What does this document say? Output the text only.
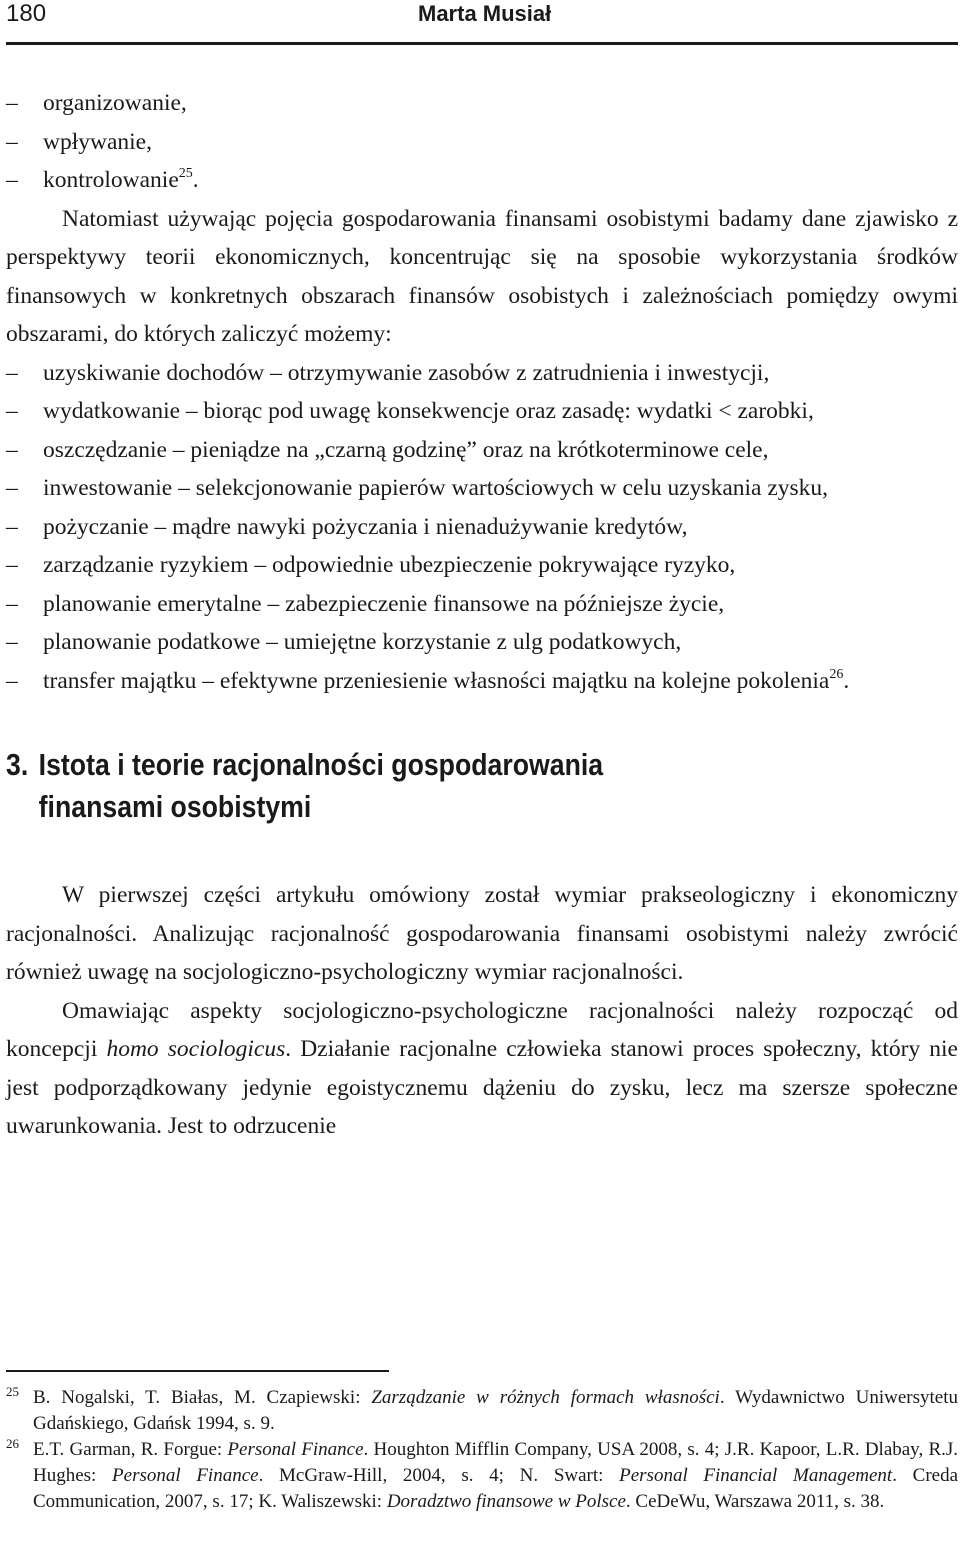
180	Marta Musiał
– organizowanie,
– wpływanie,
– kontrolowanie$^{25}$.

Natomiast używając pojęcia gospodarowania finansami osobistymi badamy dane zjawisko z perspektywy teorii ekonomicznych, koncentrując się na sposobie wykorzystania środków finansowych w konkretnych obszarach finansów osobistych i zależnościach pomiędzy owymi obszarami, do których zaliczyć możemy:

– uzyskiwanie dochodów – otrzymywanie zasobów z zatrudnienia i inwestycji,
– wydatkowanie – biorąc pod uwagę konsekwencje oraz zasadę: wydatki < zarobki,
– oszczędzanie – pieniądze na „czarną godzinę” oraz na krótkoterminowe cele,
– inwestowanie – selekcjonowanie papierów wartościowych w celu uzyskania zysku,
– pożyczanie – mądre nawyki pożyczania i nienadużywanie kredytów,
– zarządzanie ryzykiem – odpowiednie ubezpieczenie pokrywające ryzyko,
– planowanie emerytalne – zabezpieczenie finansowe na późniejsze życie,
– planowanie podatkowe – umiejętne korzystanie z ulg podatkowych,
– transfer majątku – efektywne przeniesienie własności majątku na kolejne pokolenia$^{26}$.
3. Istota i teorie racjonalności gospodarowania
finansami osobistymi

W pierwszej części artykułu omówiony został wymiar prakseologiczny i ekonomiczny racjonalności. Analizując racjonalność gospodarowania finansami osobistymi należy zwrócić również uwagę na socjologiczno-psychologiczny wymiar racjonalności.

Omawiając aspekty socjologiczno-psychologiczne racjonalności należy rozpocząć od koncepcji homo sociologicus. Działanie racjonalne człowieka stanowi proces społeczny, który nie jest podporządkowany jedynie egoistycznemu dążeniu do zysku, lecz ma szersze społeczne uwarunkowania. Jest to odrzucenie

25 B. Nogalski, T. Białas, M. Czapiewski: Zarządzanie w różnych formach własności. Wydawnictwo Uniwersytetu Gdańskiego, Gdańsk 1994, s. 9.
26 E.T. Garman, R. Forgue: Personal Finance. Houghton Mifflin Company, USA 2008, s. 4; J.R. Kapoor, L.R. Dlabay, R.J. Hughes: Personal Finance. McGraw-Hill, 2004, s. 4; N. Swart: Personal Financial Management. Creda Communication, 2007, s. 17; K. Waliszewski: Doradztwo finansowe w Polsce. CeDeWu, Warszawa 2011, s. 38.
